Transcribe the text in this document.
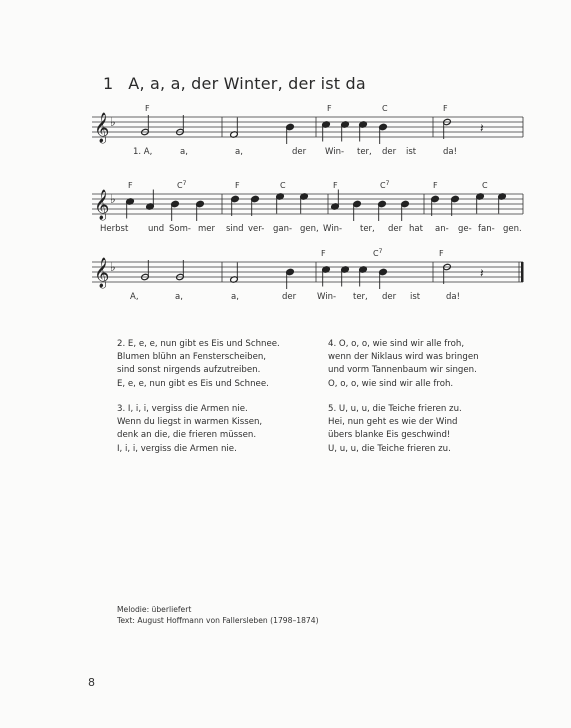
1 A, a, a, der Winter, der ist da
𝄞 ♭	𝄽
F	F	C	F
1. A,	a,	a,	der Win- ter, der ist	da!
𝄞 ♭
F	$C^7$	F	C	F	$C^7$	F	C
Herbst und Som- mer sind ver- gan- gen, Win- ter, der hat an- ge- fan- gen.
𝄞 ♭	𝄽
F	$C^7$	F
A,	a,	a,	der Win- ter, der ist	da!
2. E, e, e, nun gibt es Eis und Schnee.
Blumen blühn an Fensterscheiben,
sind sonst nirgends aufzutreiben.
E, e, e, nun gibt es Eis und Schnee.
3. I, i, i, vergiss die Armen nie.
Wenn du liegst in warmen Kissen,
denk an die, die frieren müssen.
I, i, i, vergiss die Armen nie.
4. O, o, o, wie sind wir alle froh,
wenn der Niklaus wird was bringen
und vorm Tannenbaum wir singen.
O, o, o, wie sind wir alle froh.
5. U, u, u, die Teiche frieren zu.
Hei, nun geht es wie der Wind
übers blanke Eis geschwind!
U, u, u, die Teiche frieren zu.
Melodie: überliefert
Text: August Hoffmann von Fallersleben (1798–1874)
8
